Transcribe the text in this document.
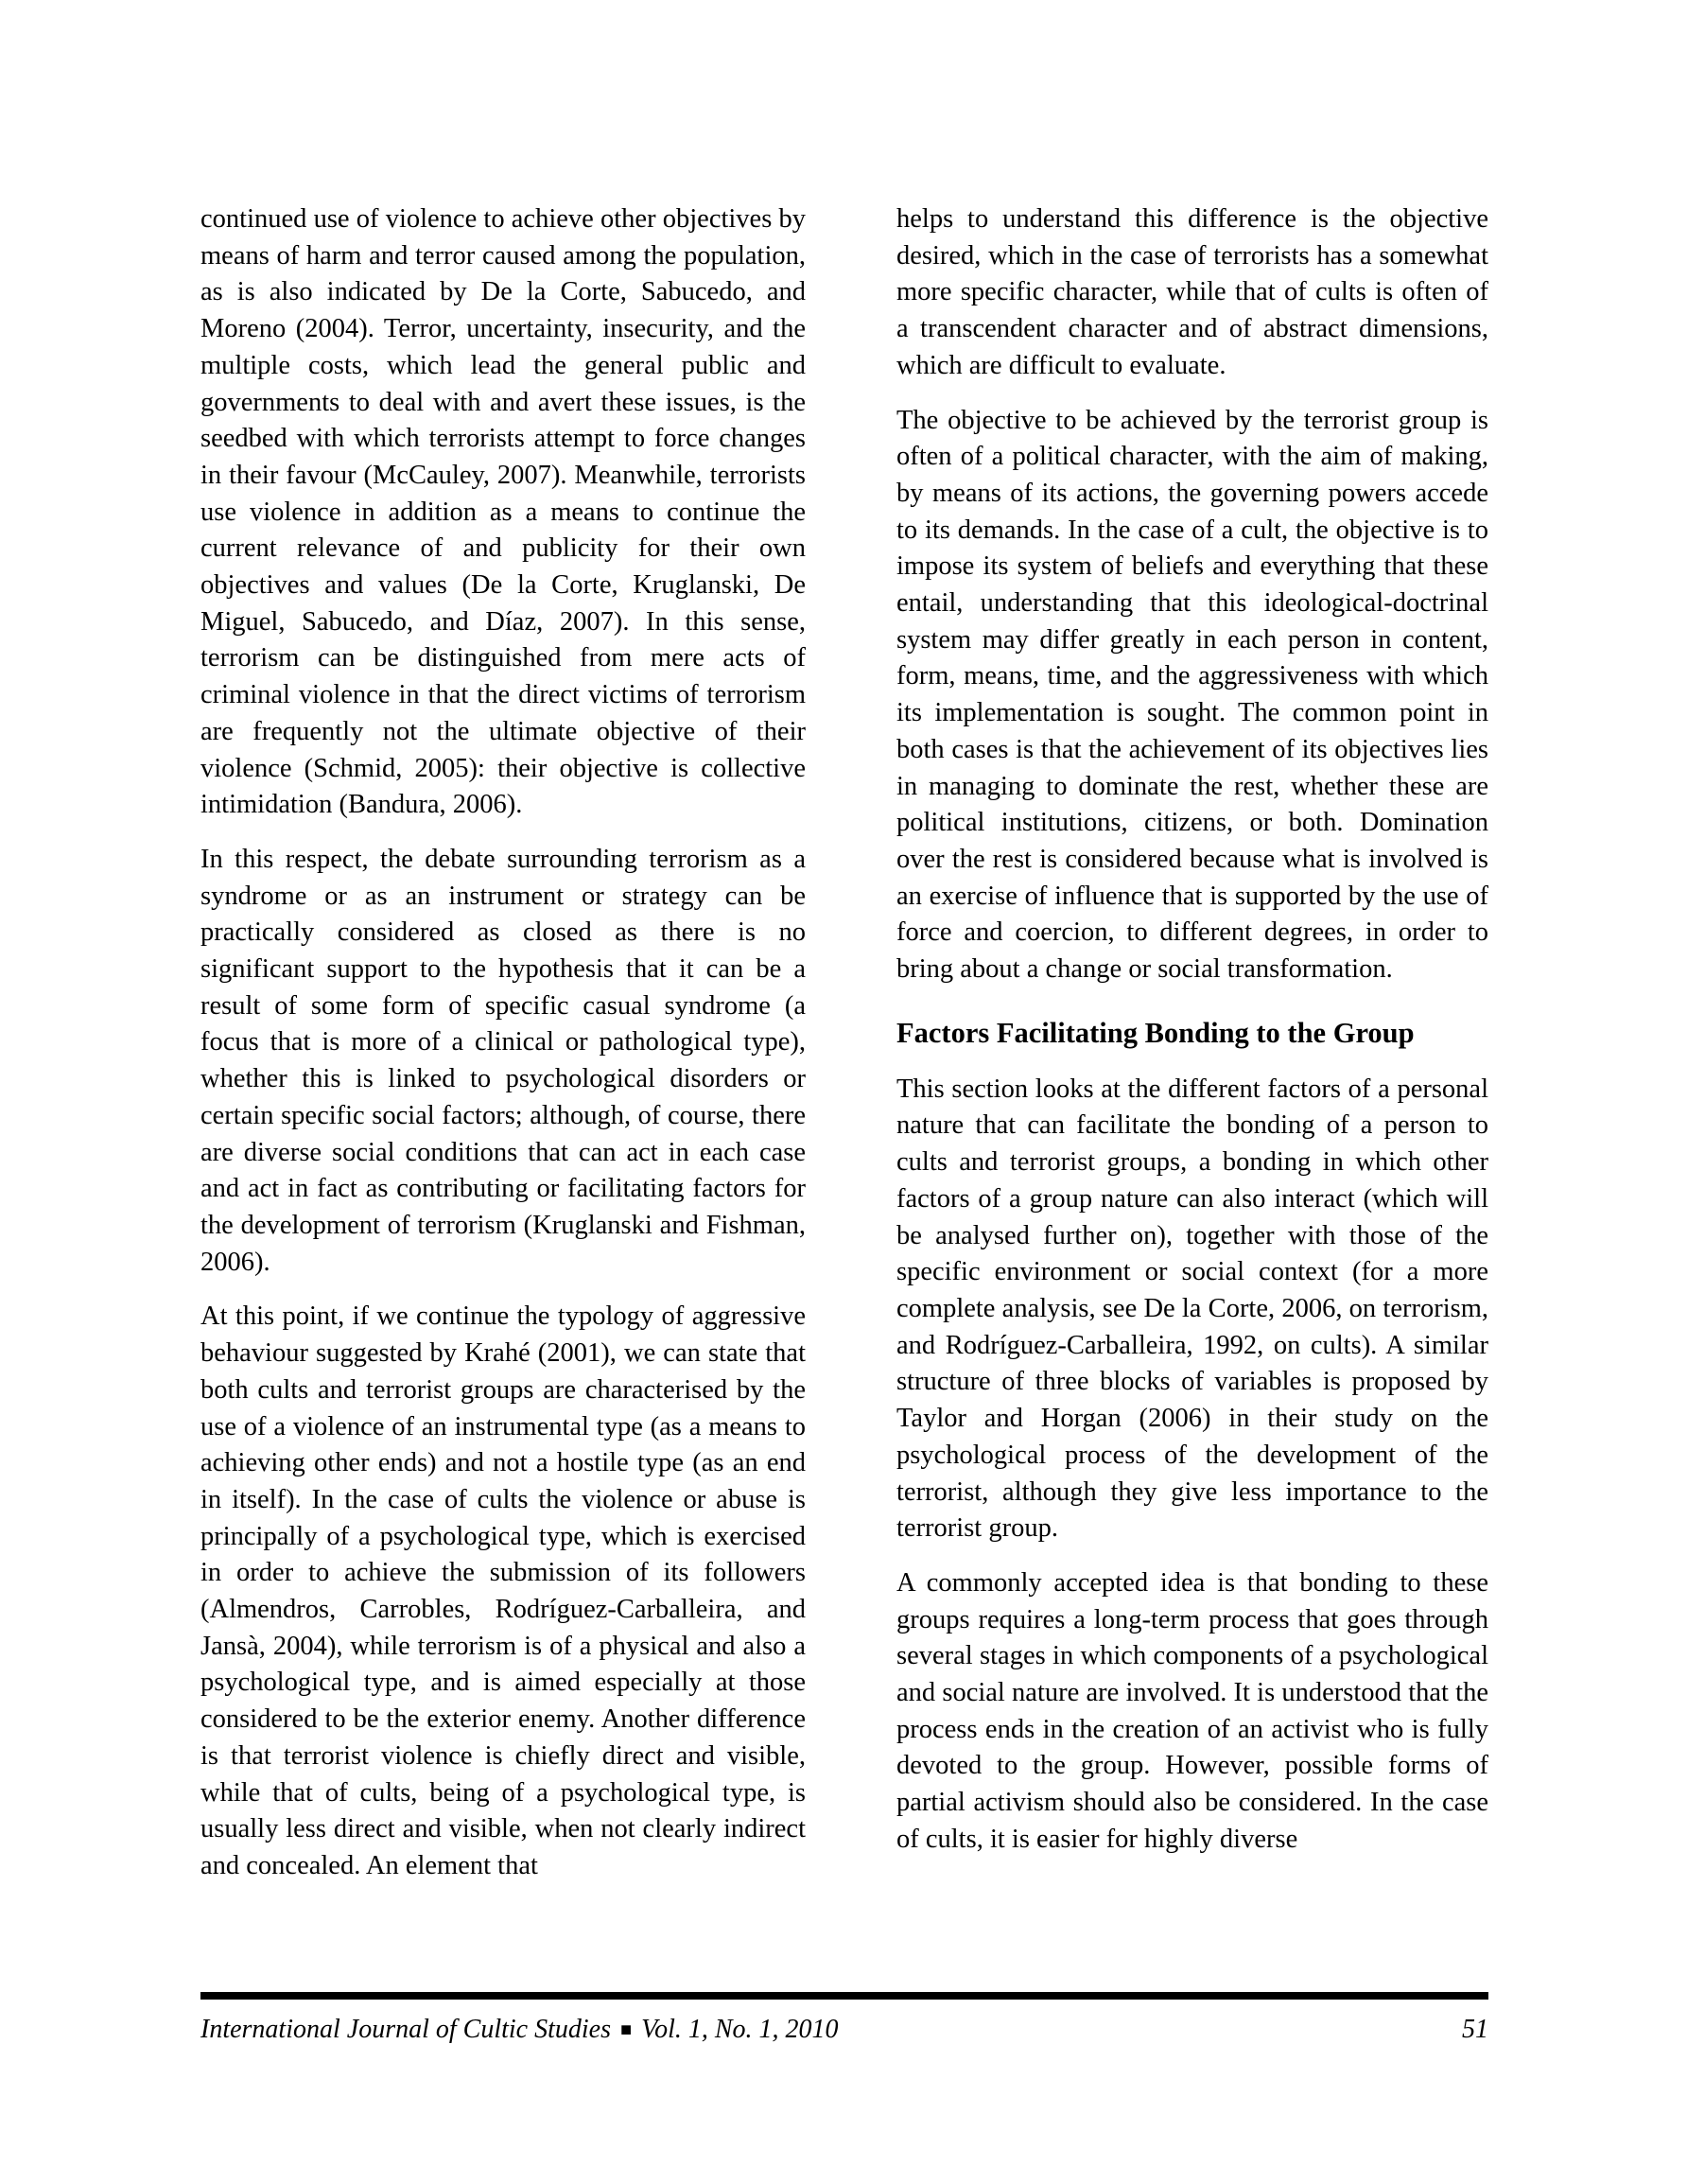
continued use of violence to achieve other objectives by means of harm and terror caused among the population, as is also indicated by De la Corte, Sabucedo, and Moreno (2004). Terror, uncertainty, insecurity, and the multiple costs, which lead the general public and governments to deal with and avert these issues, is the seedbed with which terrorists attempt to force changes in their favour (McCauley, 2007). Meanwhile, terrorists use violence in addition as a means to continue the current relevance of and publicity for their own objectives and values (De la Corte, Kruglanski, De Miguel, Sabucedo, and Díaz, 2007). In this sense, terrorism can be distinguished from mere acts of criminal violence in that the direct victims of terrorism are frequently not the ultimate objective of their violence (Schmid, 2005): their objective is collective intimidation (Bandura, 2006).

In this respect, the debate surrounding terrorism as a syndrome or as an instrument or strategy can be practically considered as closed as there is no significant support to the hypothesis that it can be a result of some form of specific casual syndrome (a focus that is more of a clinical or pathological type), whether this is linked to psychological disorders or certain specific social factors; although, of course, there are diverse social conditions that can act in each case and act in fact as contributing or facilitating factors for the development of terrorism (Kruglanski and Fishman, 2006).

At this point, if we continue the typology of aggressive behaviour suggested by Krahé (2001), we can state that both cults and terrorist groups are characterised by the use of a violence of an instrumental type (as a means to achieving other ends) and not a hostile type (as an end in itself). In the case of cults the violence or abuse is principally of a psychological type, which is exercised in order to achieve the submission of its followers (Almendros, Carrobles, Rodríguez-Carballeira, and Jansà, 2004), while terrorism is of a physical and also a psychological type, and is aimed especially at those considered to be the exterior enemy. Another difference is that terrorist violence is chiefly direct and visible, while that of cults, being of a psychological type, is usually less direct and visible, when not clearly indirect and concealed. An element that

helps to understand this difference is the objective desired, which in the case of terrorists has a somewhat more specific character, while that of cults is often of a transcendent character and of abstract dimensions, which are difficult to evaluate.

The objective to be achieved by the terrorist group is often of a political character, with the aim of making, by means of its actions, the governing powers accede to its demands. In the case of a cult, the objective is to impose its system of beliefs and everything that these entail, understanding that this ideological-doctrinal system may differ greatly in each person in content, form, means, time, and the aggressiveness with which its implementation is sought. The common point in both cases is that the achievement of its objectives lies in managing to dominate the rest, whether these are political institutions, citizens, or both. Domination over the rest is considered because what is involved is an exercise of influence that is supported by the use of force and coercion, to different degrees, in order to bring about a change or social transformation.

Factors Facilitating Bonding to the Group

This section looks at the different factors of a personal nature that can facilitate the bonding of a person to cults and terrorist groups, a bonding in which other factors of a group nature can also interact (which will be analysed further on), together with those of the specific environment or social context (for a more complete analysis, see De la Corte, 2006, on terrorism, and Rodríguez-Carballeira, 1992, on cults). A similar structure of three blocks of variables is proposed by Taylor and Horgan (2006) in their study on the psychological process of the development of the terrorist, although they give less importance to the terrorist group.

A commonly accepted idea is that bonding to these groups requires a long-term process that goes through several stages in which components of a psychological and social nature are involved. It is understood that the process ends in the creation of an activist who is fully devoted to the group. However, possible forms of partial activism should also be considered. In the case of cults, it is easier for highly diverse

International Journal of Cultic Studies ■ Vol. 1, No. 1, 2010	51
